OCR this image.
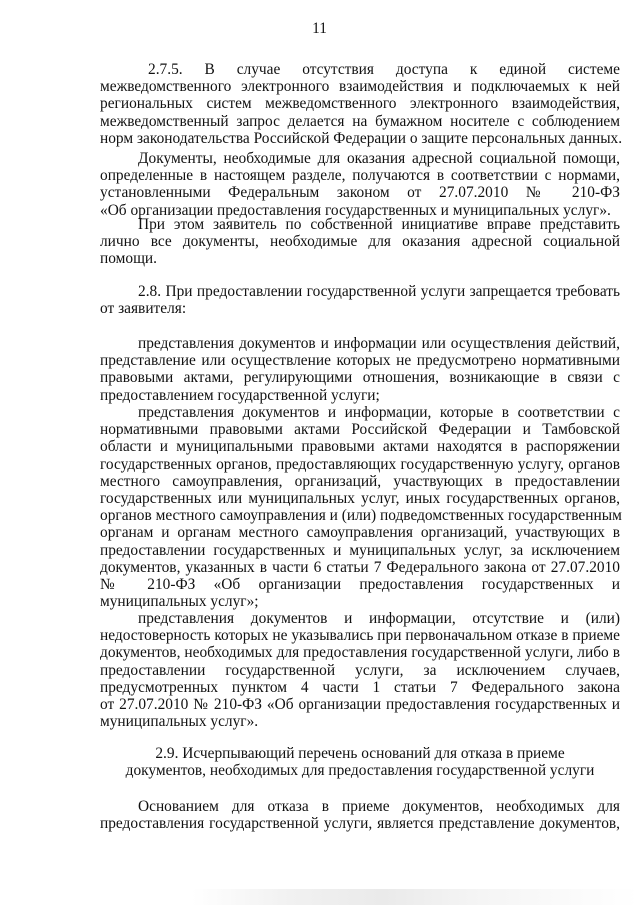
11
2.7.5. В случае отсутствия доступа к единой системе
межведомственного электронного взаимодействия и подключаемых к ней
региональных систем межведомственного электронного взаимодействия,
межведомственный запрос делается на бумажном носителе с соблюдением
норм законодательства Российской Федерации о защите персональных данных.
Документы, необходимые для оказания адресной социальной помощи,
определенные в настоящем разделе, получаются в соответствии с нормами,
установленными Федеральным законом от 27.07.2010 № 210-ФЗ
«Об организации предоставления государственных и муниципальных услуг».
При этом заявитель по собственной инициативе вправе представить
лично все документы, необходимые для оказания адресной социальной
помощи.
2.8. При предоставлении государственной услуги запрещается требовать
от заявителя:
представления документов и информации или осуществления действий,
представление или осуществление которых не предусмотрено нормативными
правовыми актами, регулирующими отношения, возникающие в связи с
предоставлением государственной услуги;
представления документов и информации, которые в соответствии с
нормативными правовыми актами Российской Федерации и Тамбовской
области и муниципальными правовыми актами находятся в распоряжении
государственных органов, предоставляющих государственную услугу, органов
местного самоуправления, организаций, участвующих в предоставлении
государственных или муниципальных услуг, иных государственных органов,
органов местного самоуправления и (или) подведомственных государственным
органам и органам местного самоуправления организаций, участвующих в
предоставлении государственных и муниципальных услуг, за исключением
документов, указанных в части 6 статьи 7 Федерального закона от 27.07.2010
№ 210-ФЗ «Об организации предоставления государственных и
муниципальных услуг»;
представления документов и информации, отсутствие и (или)
недостоверность которых не указывались при первоначальном отказе в приеме
документов, необходимых для предоставления государственной услуги, либо в
предоставлении государственной услуги, за исключением случаев,
предусмотренных пунктом 4 части 1 статьи 7 Федерального закона
от 27.07.2010 № 210-ФЗ «Об организации предоставления государственных и
муниципальных услуг».
2.9. Исчерпывающий перечень оснований для отказа в приеме
документов, необходимых для предоставления государственной услуги
Основанием для отказа в приеме документов, необходимых для
предоставления государственной услуги, является представление документов,
